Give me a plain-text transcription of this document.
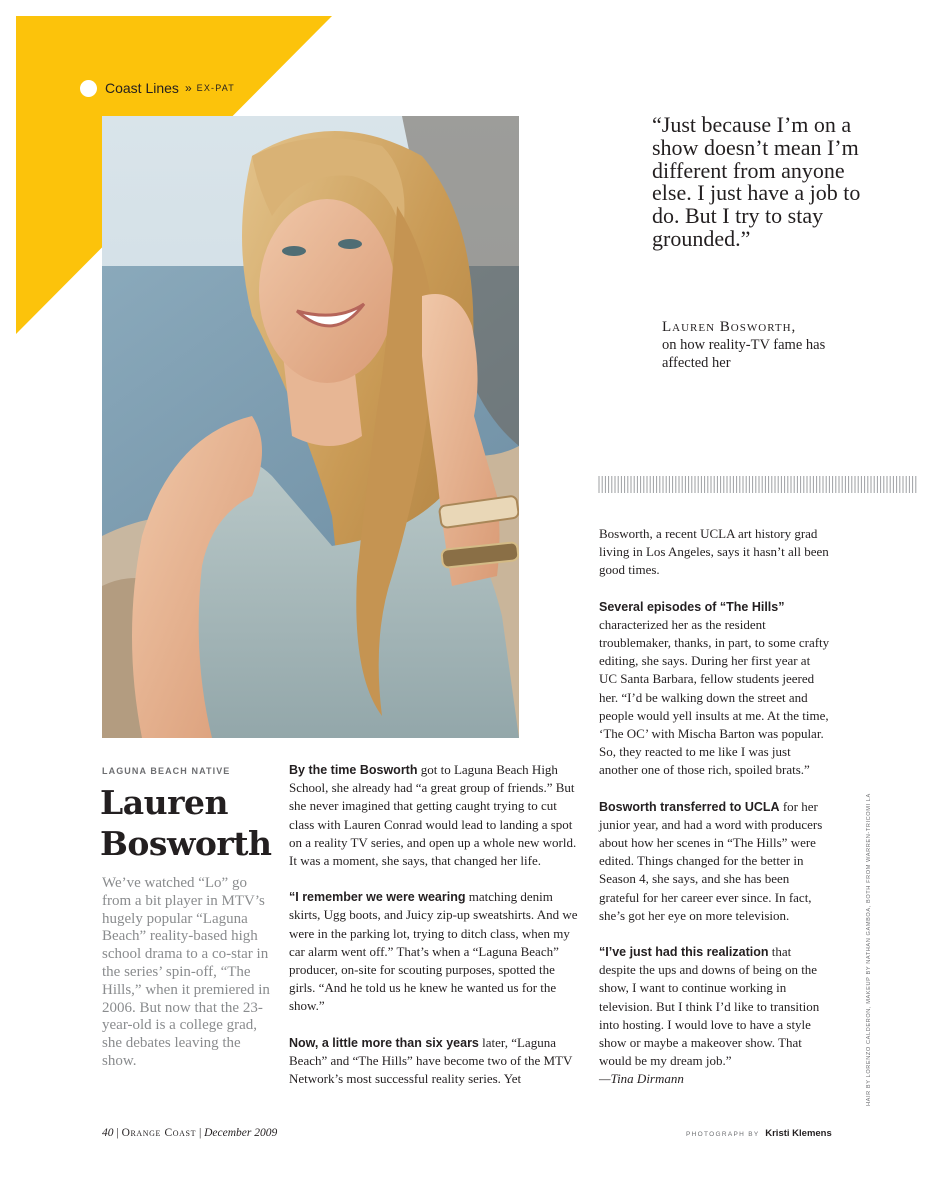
Coast Lines » EX-PAT
“Just because I’m on a show doesn’t mean I’m different from anyone else. I just have a job to do. But I try to stay grounded.”
Lauren Bosworth,
on how reality-TV fame has affected her
LAGUNA BEACH NATIVE
Lauren
Bosworth
We’ve watched “Lo” go from a bit player in MTV’s hugely popular “Laguna Beach” reality-based high school drama to a co-star in the series’ spin-off, “The Hills,” when it premiered in 2006. But now that the 23-year-old is a college grad, she debates leaving the show.

By the time Bosworth got to Laguna Beach High School, she already had “a great group of friends.” But she never imagined that getting caught trying to cut class with Lauren Conrad would lead to landing a spot on a reality TV series, and open up a whole new world. It was a moment, she says, that changed her life.

“I remember we were wearing matching denim skirts, Ugg boots, and Juicy zip-up sweatshirts. And we were in the parking lot, trying to ditch class, when my car alarm went off.” That’s when a “Laguna Beach” producer, on-site for scouting purposes, spotted the girls. “And he told us he knew he wanted us for the show.”

Now, a little more than six years later, “Laguna Beach” and “The Hills” have become two of the MTV Network’s most successful reality series. Yet

Bosworth, a recent UCLA art history grad living in Los Angeles, says it hasn’t all been good times.

Several episodes of “The Hills” characterized her as the resident troublemaker, thanks, in part, to some crafty editing, she says. During her first year at UC Santa Barbara, fellow students jeered her. “I’d be walking down the street and people would yell insults at me. At the time, ‘The OC’ with Mischa Barton was popular. So, they reacted to me like I was just another one of those rich, spoiled brats.”

Bosworth transferred to UCLA for her junior year, and had a word with producers about how her scenes in “The Hills” were edited. Things changed for the better in Season 4, she says, and she has been grateful for her career ever since. In fact, she’s got her eye on more television.

“I’ve just had this realization that despite the ups and downs of being on the show, I want to continue working in television. But I think I’d like to transition into hosting. I would love to have a style show or maybe a makeover show. That would be my dream job.”
—Tina Dirmann	HAIR BY LORENZO CALDERON, MAKEUP BY NATHAN GAMBOA, BOTH FROM WARREN-TRICOMI LA
40 | Orange Coast | December 2009	PHOTOGRAPH BY Kristi Klemens
